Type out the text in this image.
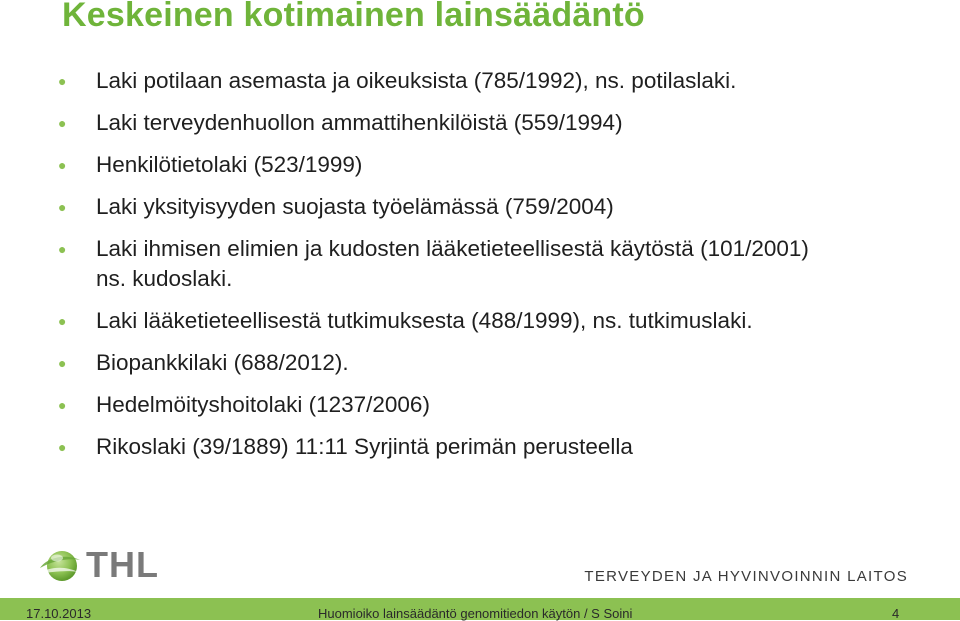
Keskeinen kotimainen lainsäädäntö
● Laki potilaan asemasta ja oikeuksista (785/1992), ns. potilaslaki.
● Laki terveydenhuollon ammattihenkilöistä (559/1994)
● Henkilötietolaki (523/1999)
● Laki yksityisyyden suojasta työelämässä (759/2004)
● Laki ihmisen elimien ja kudosten lääketieteellisestä käytöstä (101/2001) ns. kudoslaki.
● Laki lääketieteellisestä tutkimuksesta (488/1999), ns. tutkimuslaki.
● Biopankkilaki (688/2012).
● Hedelmöityshoitolaki (1237/2006)
● Rikoslaki (39/1889) 11:11 Syrjintä perimän perusteella
THL	TERVEYDEN JA HYVINVOINNIN LAITOS
17.10.2013	Huomioiko lainsäädäntö genomitiedon käytön / S Soini	4
